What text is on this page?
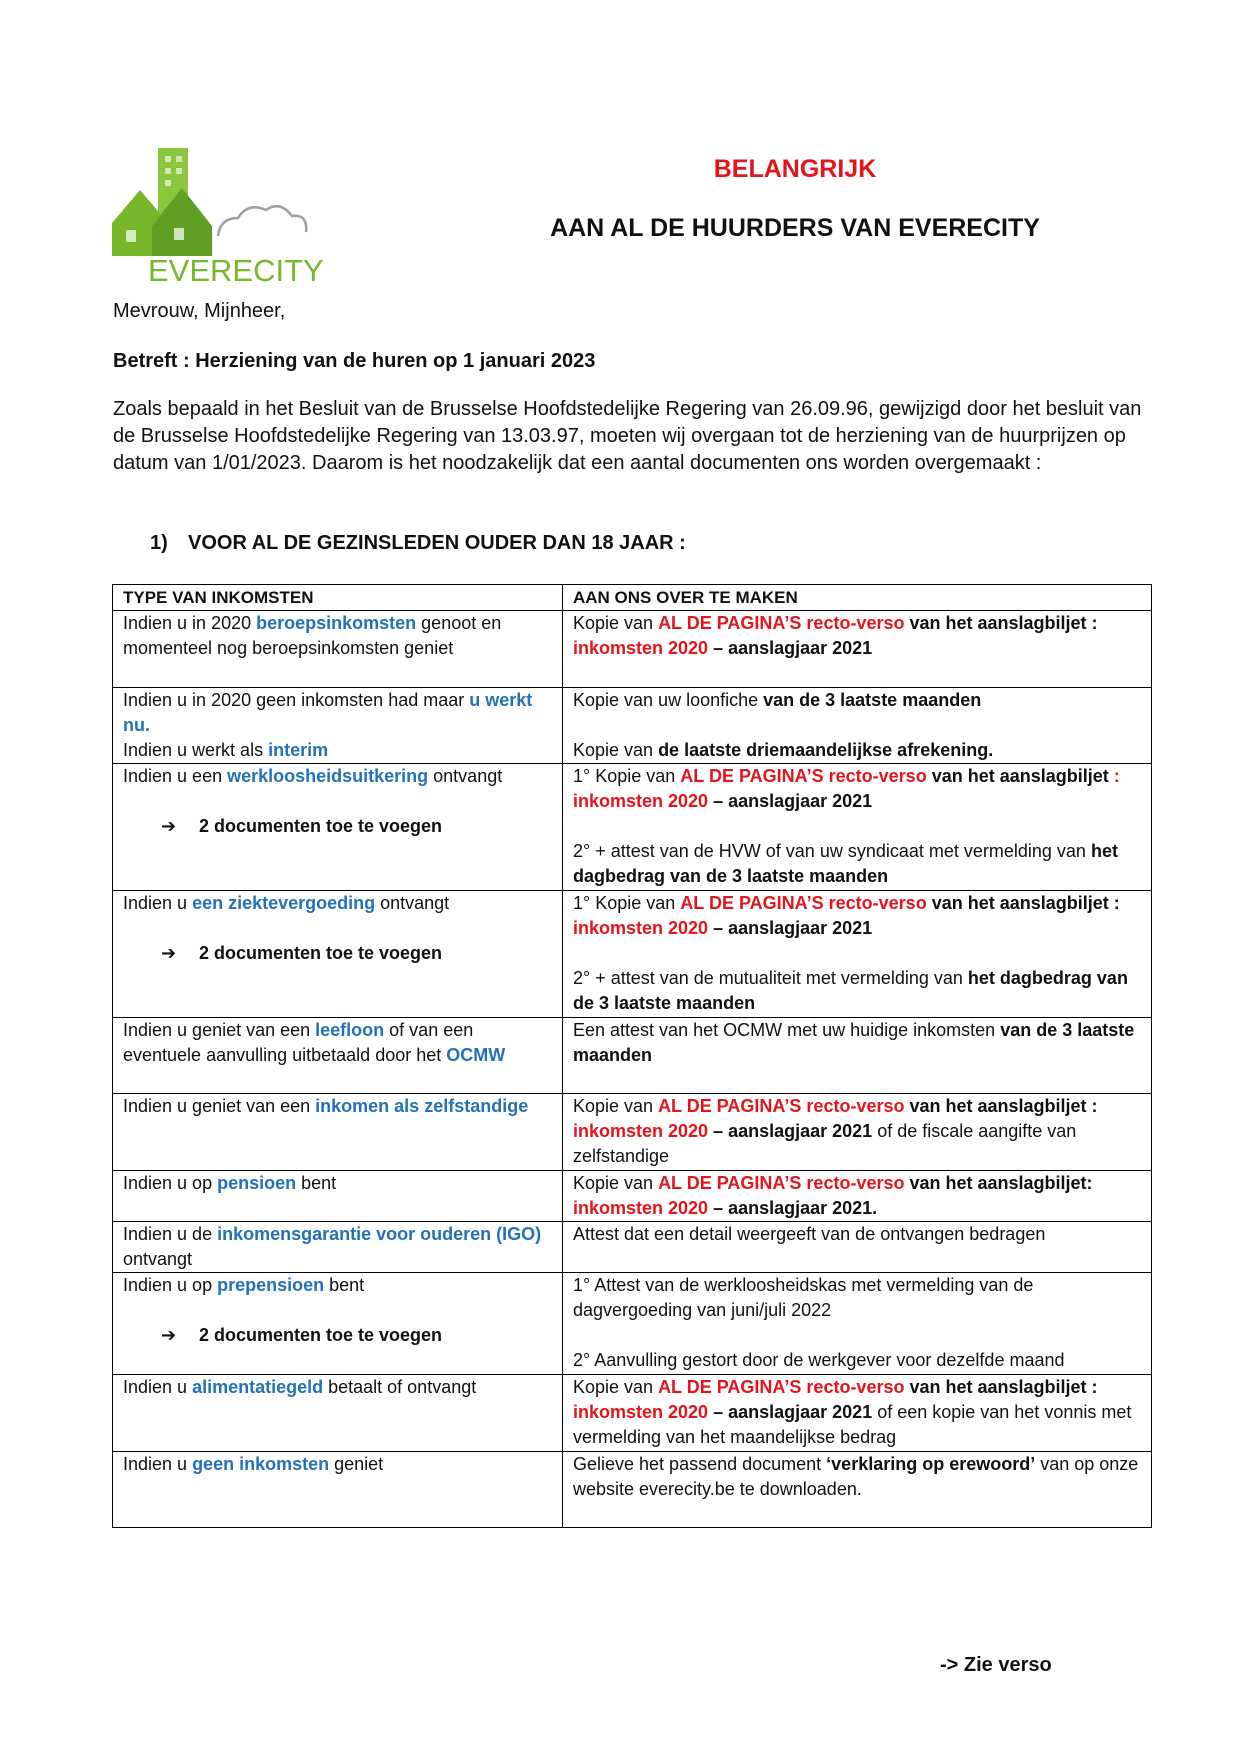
EVERECITY
BELANGRIJK
AAN AL DE HUURDERS VAN EVERECITY
Mevrouw, Mijnheer,
Betreft : Herziening van de huren op 1 januari 2023
Zoals bepaald in het Besluit van de Brusselse Hoofdstedelijke Regering van 26.09.96, gewijzigd door het besluit van de Brusselse Hoofdstedelijke Regering van 13.03.97, moeten wij overgaan tot de herziening van de huurprijzen op datum van 1/01/2023. Daarom is het noodzakelijk dat een aantal documenten ons worden overgemaakt :
1) VOOR AL DE GEZINSLEDEN OUDER DAN 18 JAAR :
TYPE VAN INKOMSTEN	AAN ONS OVER TE MAKEN
Indien u in 2020 beroepsinkomsten genoot en momenteel nog beroepsinkomsten geniet	Kopie van AL DE PAGINA’S recto-verso van het aanslagbiljet :
inkomsten 2020 – aanslagjaar 2021
Indien u in 2020 geen inkomsten had maar u werkt nu.
Indien u werkt als interim	Kopie van uw loonfiche van de 3 laatste maanden
Kopie van de laatste driemaandelijkse afrekening.
Indien u een werkloosheidsuitkering ontvangt
➔ 2 documenten toe te voegen	1° Kopie van AL DE PAGINA’S recto-verso van het aanslagbiljet :
inkomsten 2020 – aanslagjaar 2021
2° + attest van de HVW of van uw syndicaat met vermelding van het dagbedrag van de 3 laatste maanden
Indien u een ziektevergoeding ontvangt
➔ 2 documenten toe te voegen	1° Kopie van AL DE PAGINA’S recto-verso van het aanslagbiljet :
inkomsten 2020 – aanslagjaar 2021
2° + attest van de mutualiteit met vermelding van het dagbedrag van de 3 laatste maanden
Indien u geniet van een leefloon of van een eventuele aanvulling uitbetaald door het OCMW	Een attest van het OCMW met uw huidige inkomsten van de 3 laatste maanden
Indien u geniet van een inkomen als zelfstandige	Kopie van AL DE PAGINA’S recto-verso van het aanslagbiljet :
inkomsten 2020 – aanslagjaar 2021 of de fiscale aangifte van zelfstandige
Indien u op pensioen bent	Kopie van AL DE PAGINA’S recto-verso van het aanslagbiljet:
inkomsten 2020 – aanslagjaar 2021.
Indien u de inkomensgarantie voor ouderen (IGO) ontvangt	Attest dat een detail weergeeft van de ontvangen bedragen
Indien u op prepensioen bent
➔ 2 documenten toe te voegen	1° Attest van de werkloosheidskas met vermelding van de dagvergoeding van juni/juli 2022
2° Aanvulling gestort door de werkgever voor dezelfde maand
Indien u alimentatiegeld betaalt of ontvangt	Kopie van AL DE PAGINA’S recto-verso van het aanslagbiljet :
inkomsten 2020 – aanslagjaar 2021 of een kopie van het vonnis met vermelding van het maandelijkse bedrag
Indien u geen inkomsten geniet	Gelieve het passend document ‘verklaring op erewoord’ van op onze website everecity.be te downloaden.
-> Zie verso
